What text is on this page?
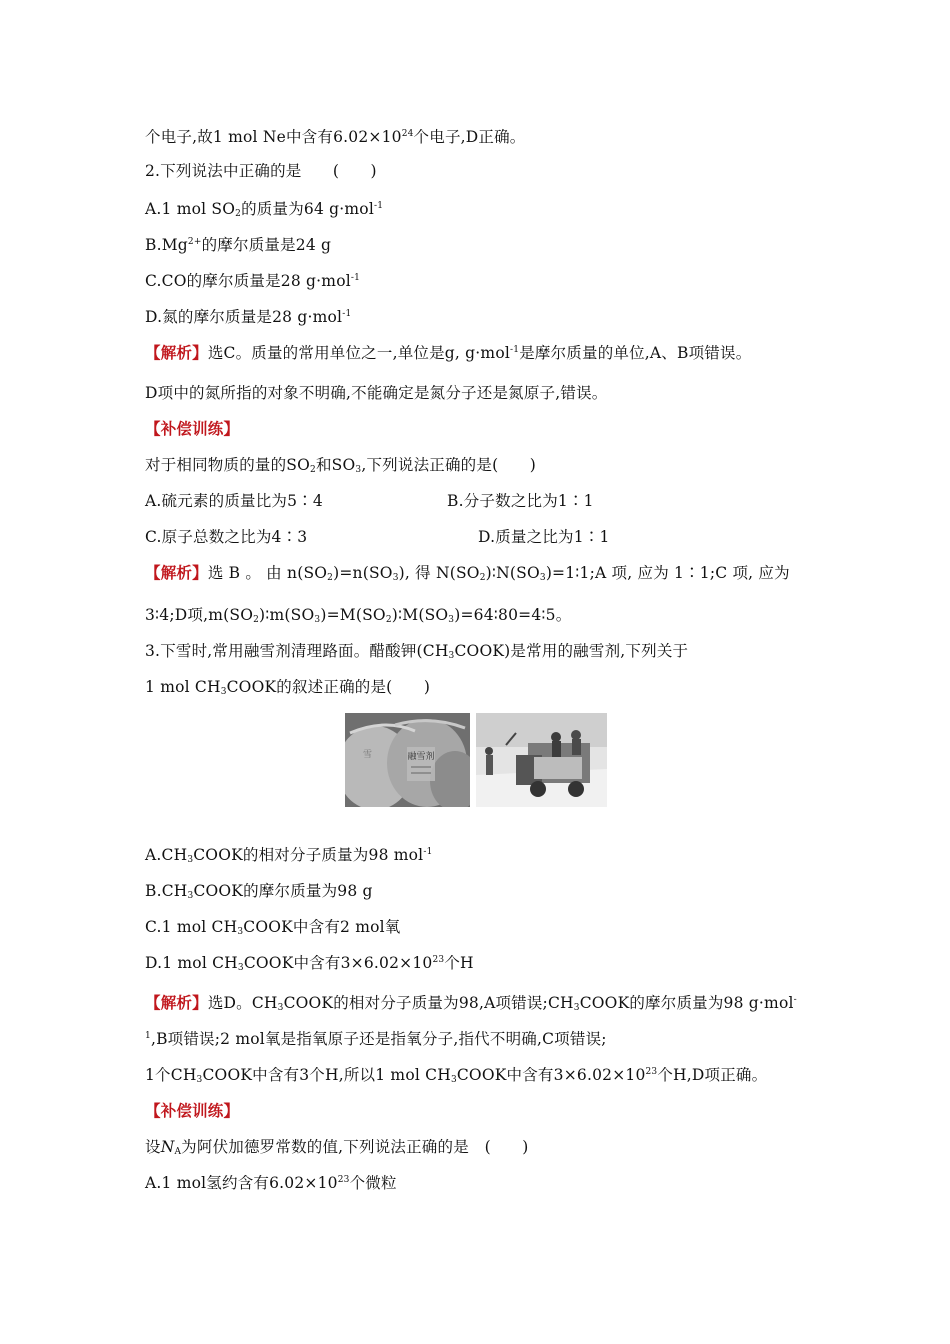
个电子,故1 mol Ne中含有$6.02\times 10^{24}$个电子,D正确。
2.下列说法中正确的是　　(　　)
A.1 mol $SO_2$的质量为64 g·mol$^{-1}$
$B.Mg^{2+}$的摩尔质量是24 g
C.CO的摩尔质量是28 g·mol$^{-1}$
D.氮的摩尔质量是28 g·mol$^{-1}$
【解析】选C。质量的常用单位之一,单位是g, g·mol$^{-1}$是摩尔质量的单位,A、B项错误。
D项中的氮所指的对象不明确,不能确定是氮分子还是氮原子,错误。
【补偿训练】
对于相同物质的量的$SO_2$和$SO_3$,下列说法正确的是(　　)
A.硫元素的质量比为5∶4
C.原子总数之比为4∶3
【解析】选 B 。 由 $n(SO_2)=n(SO_3)$, 得 $N(SO_2)∶N(SO_3)=1∶1;A$ 项, 应为 1∶1;C 项, 应为
3∶4;D项$,m(SO_2)∶m(SO_3)=M(SO_2)∶M(SO_3)=64∶80=4∶5$。
3.下雪时,常用融雪剂清理路面。醋酸钾$(CH_3COOK)$是常用的融雪剂,下列关于
1 mol $CH_3COOK$的叙述正确的是(　　)
$A.CH_3COOK$的相对分子质量为98 mol$^{-1}$
$B.CH_3COOK$的摩尔质量为98 g
C.1 mol $CH_3COOK$中含有2 mol氧
D.1 mol $CH_3COOK$中含有$3\times 6.02\times 10^{23}$个H
【解析】选D。$CH_3COOK$的相对分子质量为98,A项错误$;CH_3COOK$的摩尔质量为98 g·mol-
$^1$,B项错误;2 mol氧是指氧原子还是指氧分子,指代不明确,C项错误;
1个$CH_3COOK$中含有3个H,所以1 mol $CH_3COOK$中含有$3\times 6.02\times 10^{23}$个H,D项正确。
【补偿训练】
设$N_A$为阿伏加德罗常数的值,下列说法正确的是　(　　)
A.1 mol氢约含有$6.02\times 10^{23}$个微粒
B.分子数之比为1∶1
D.质量之比为1∶1
融雪剂
雪
